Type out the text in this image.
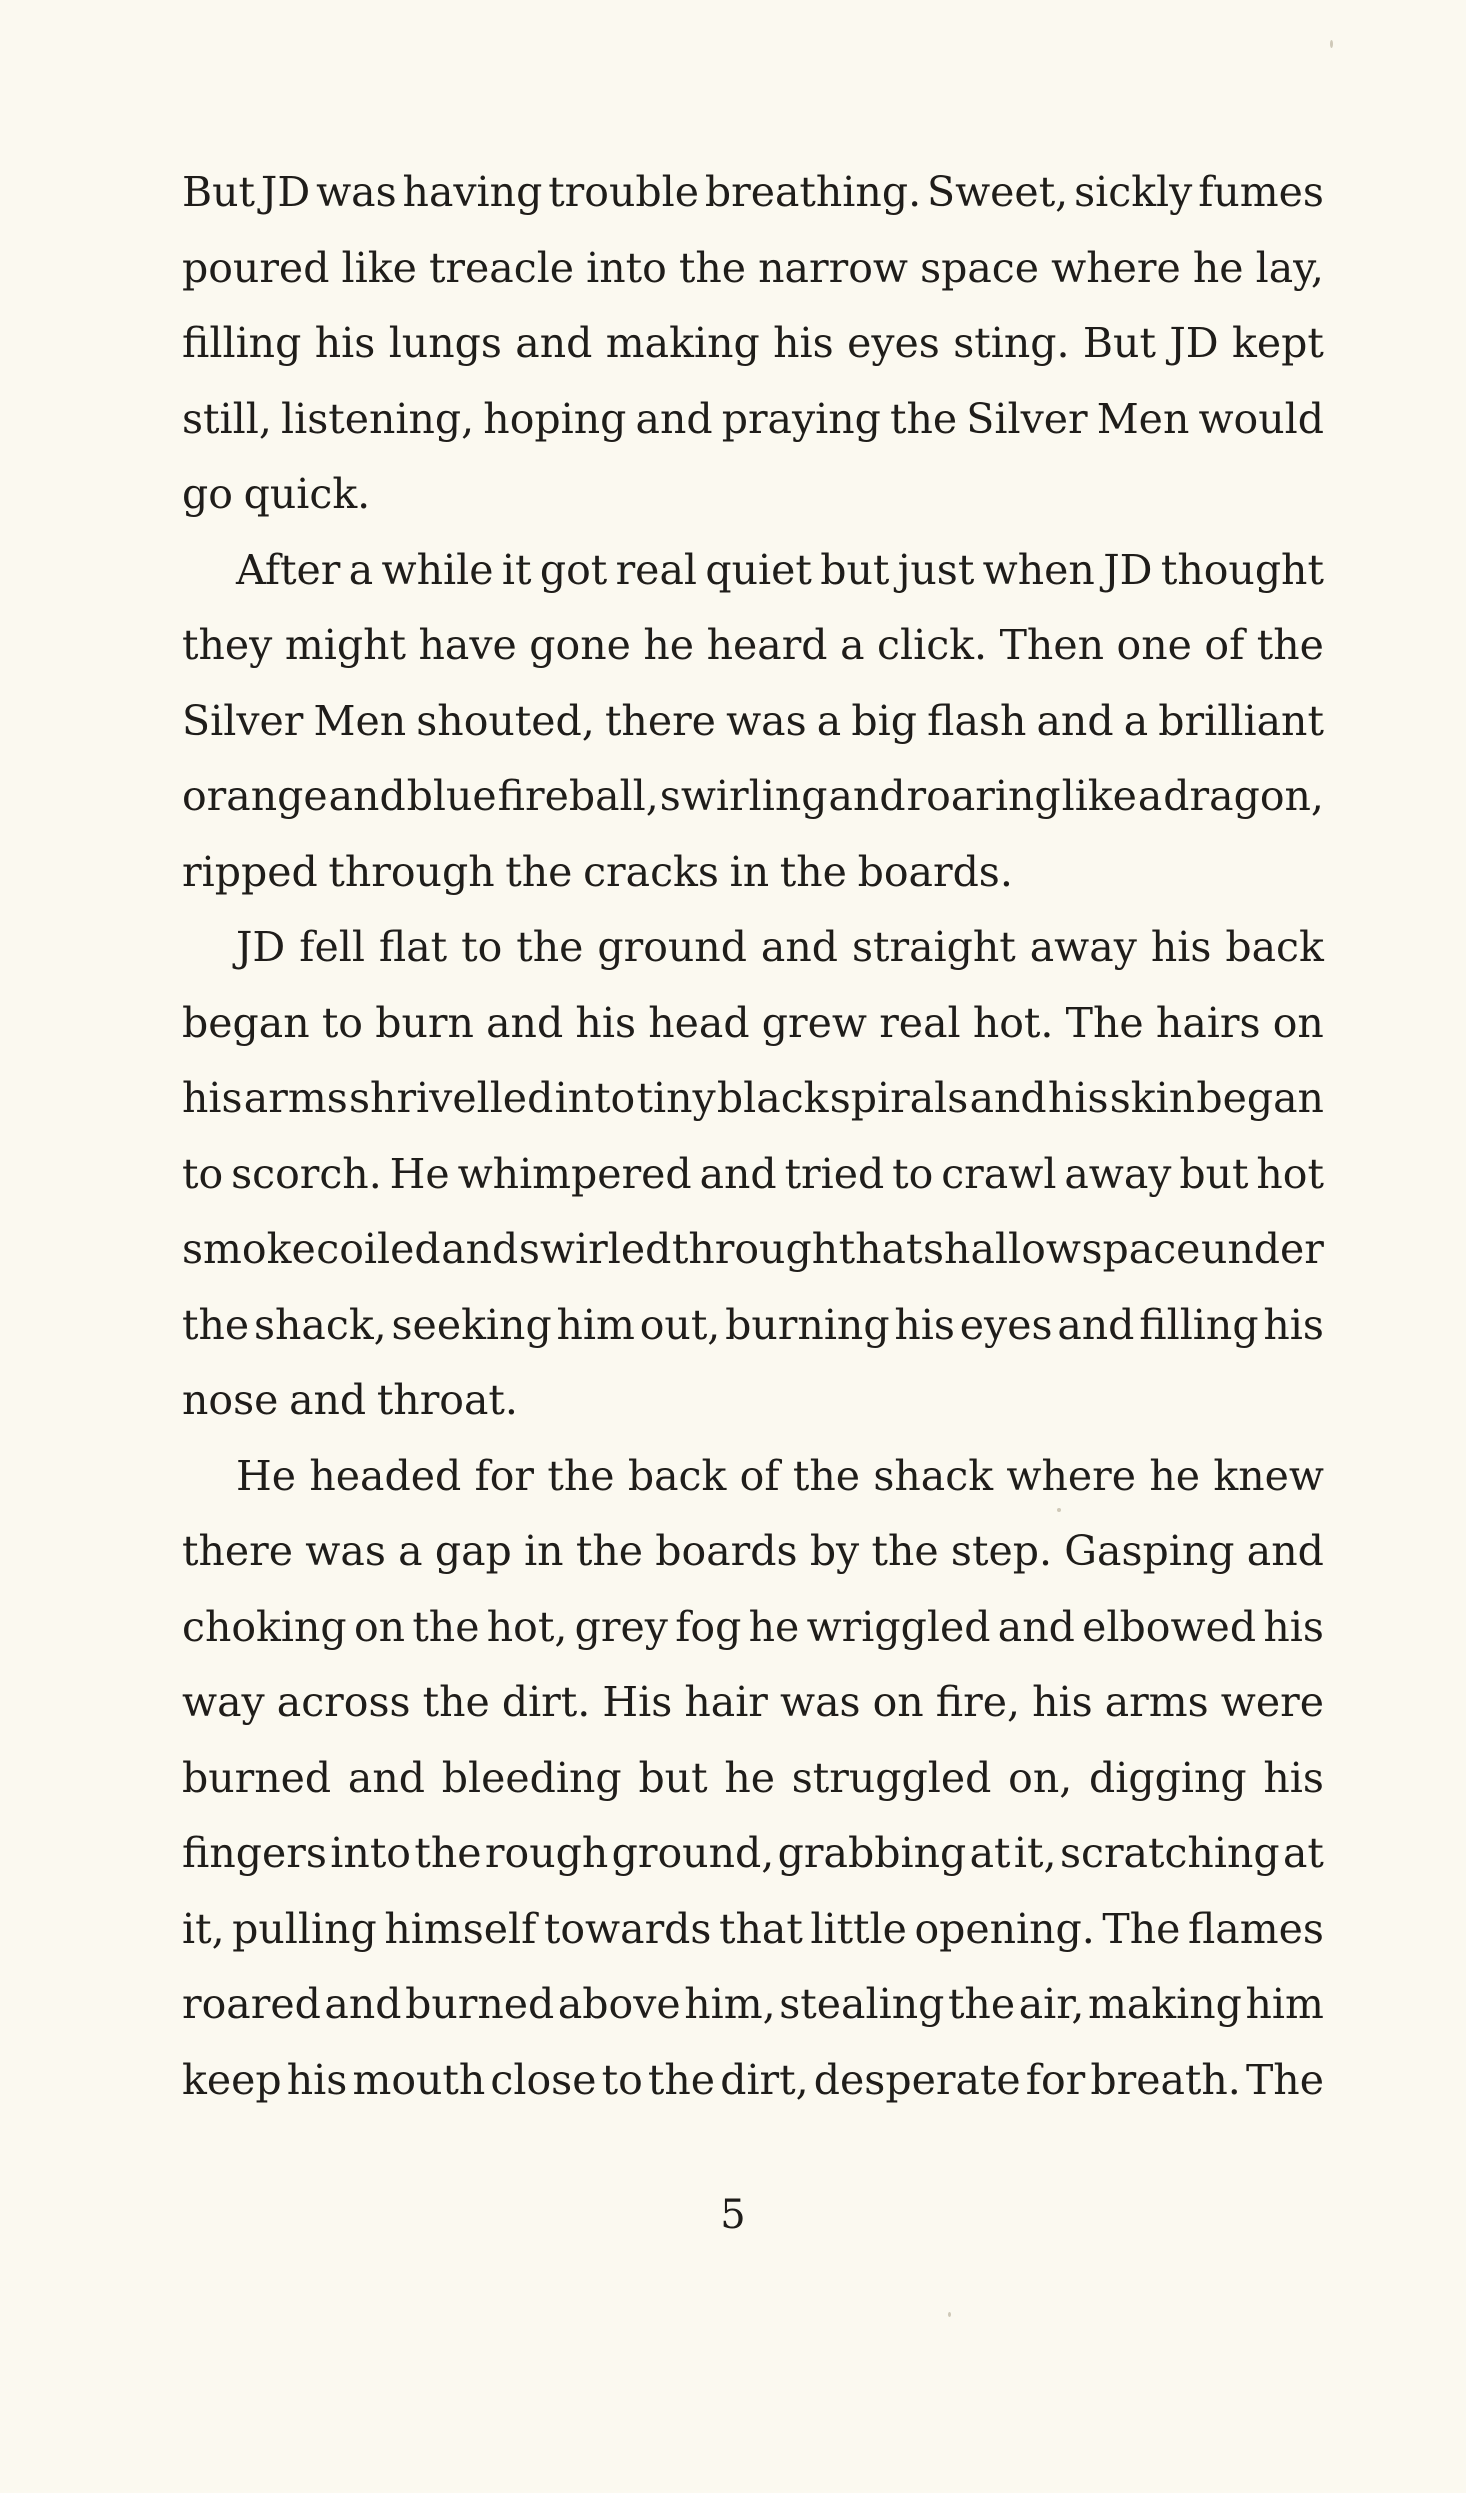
But JD was having trouble breathing. Sweet, sickly fumes
poured like treacle into the narrow space where he lay,
filling his lungs and making his eyes sting. But JD kept
still, listening, hoping and praying the Silver Men would
go quick.
After a while it got real quiet but just when JD thought
they might have gone he heard a click. Then one of the
Silver Men shouted, there was a big flash and a brilliant
orange and blue fireball, swirling and roaring like a dragon,
ripped through the cracks in the boards.
JD fell flat to the ground and straight away his back
began to burn and his head grew real hot. The hairs on
his arms shrivelled into tiny black spirals and his skin began
to scorch. He whimpered and tried to crawl away but hot
smoke coiled and swirled through that shallow space under
the shack, seeking him out, burning his eyes and filling his
nose and throat.
He headed for the back of the shack where he knew
there was a gap in the boards by the step. Gasping and
choking on the hot, grey fog he wriggled and elbowed his
way across the dirt. His hair was on fire, his arms were
burned and bleeding but he struggled on, digging his
fingers into the rough ground, grabbing at it, scratching at
it, pulling himself towards that little opening. The flames
roared and burned above him, stealing the air, making him
keep his mouth close to the dirt, desperate for breath. The
5
